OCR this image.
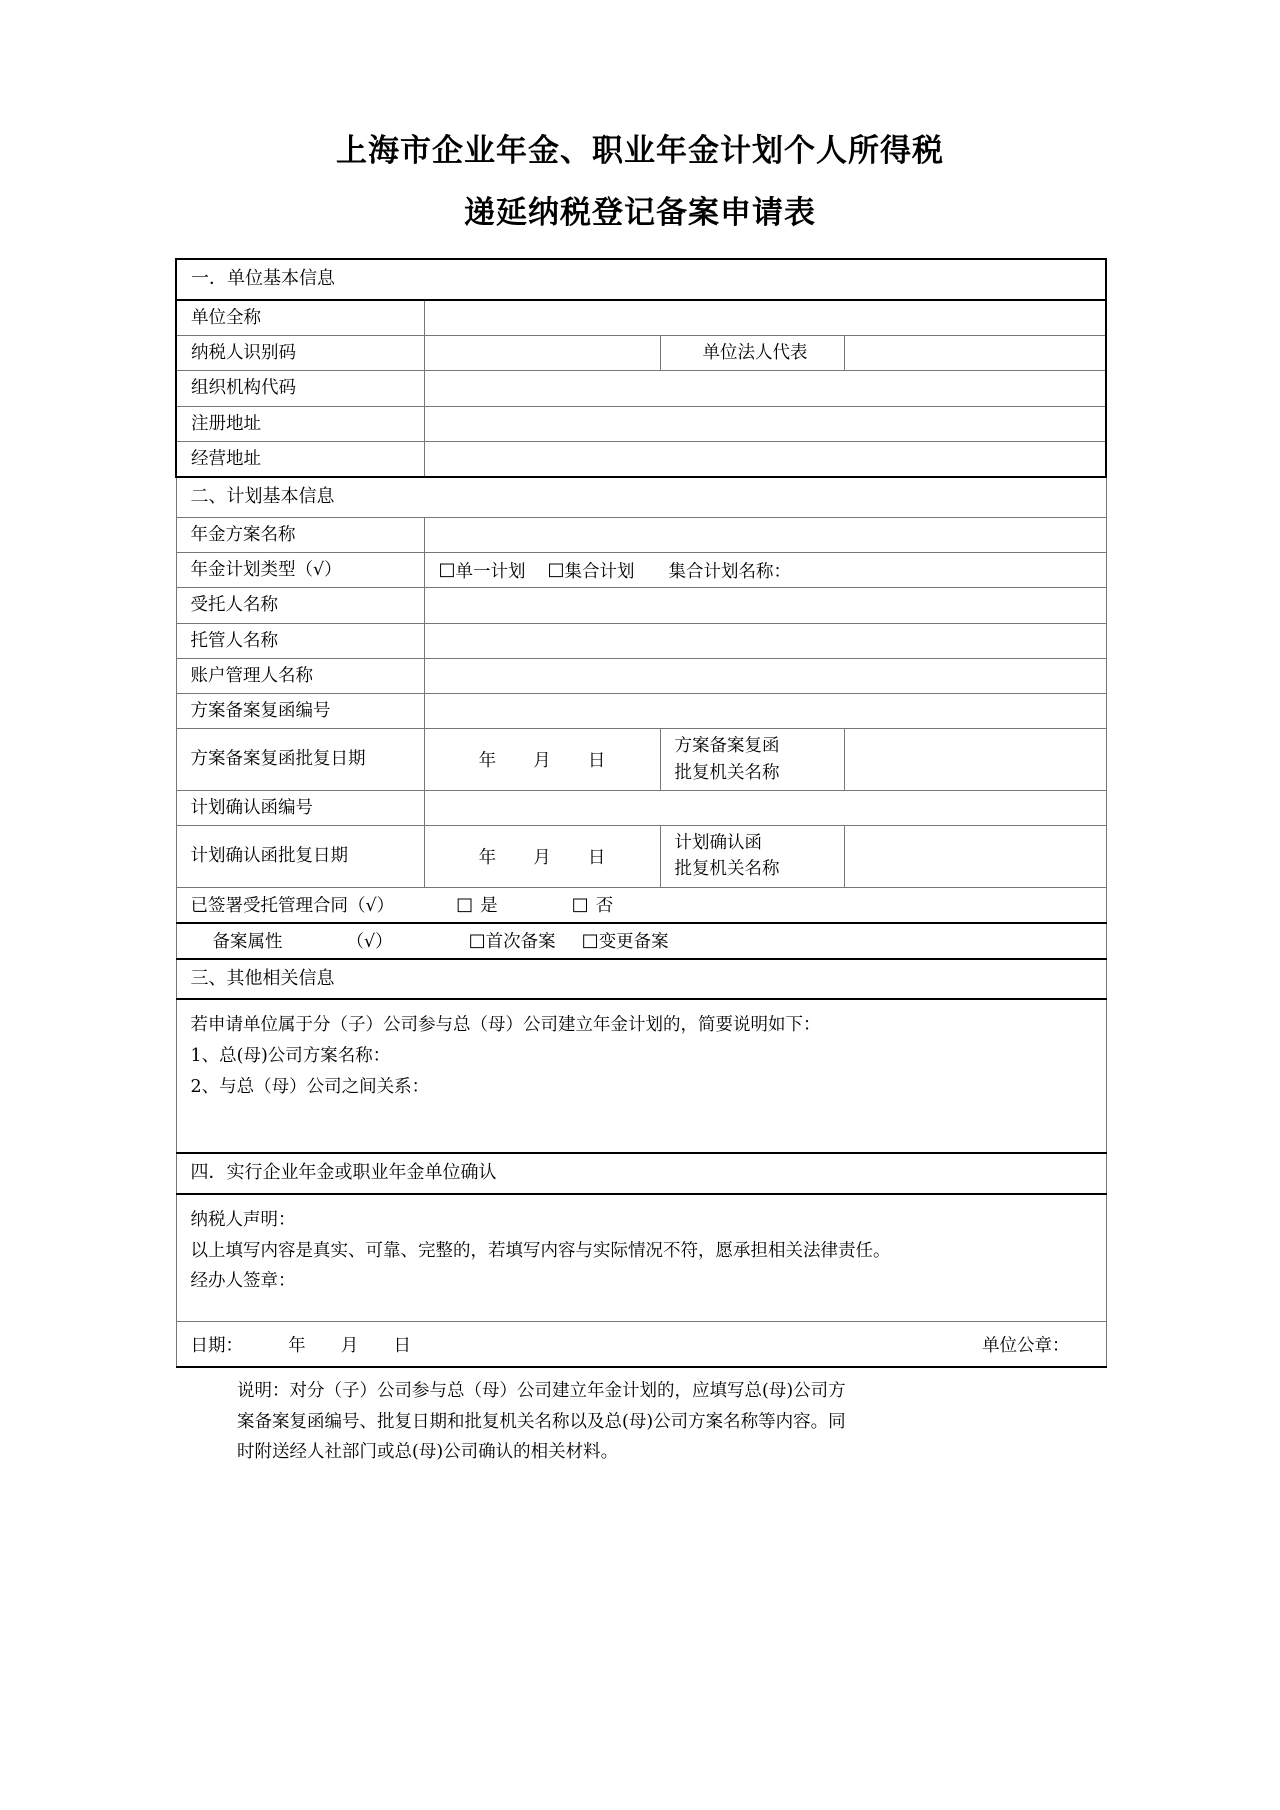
上海市企业年金、职业年金计划个人所得税
递延纳税登记备案申请表
一．单位基本信息			

单位全称			

纳税人识别码		单位法人代表	

组织机构代码			

注册地址			

经营地址			

二、计划基本信息			

年金方案名称			

年金计划类型（√）	□ 单一计划 □ 集合计划 集合计划名称：		

受托人名称			

托管人名称			

账户管理人名称			

方案备案复函编号			

方案备案复函批复日期	年 月 日	方案备案复函
批复机关名称	

计划确认函编号			

计划确认函批复日期	年 月 日	计划确认函
批复机关名称	

已签署受托管理合同（√） □ 是 □ 否			

备案属性	（√）	□ 首次备案 □ 变更备案

三、其他相关信息			

若申请单位属于分（子）公司参与总（母）公司建立年金计划的，简要说明如下：
1、总(母)公司方案名称：
2、与总（母）公司之间关系：			

四．实行企业年金或职业年金单位确认			

纳税人声明：
以上填写内容是真实、可靠、完整的，若填写内容与实际情况不符，愿承担相关法律责任。
经办人签章：			

日期： 年 月 日 单位公章：			
说明：对分（子）公司参与总（母）公司建立年金计划的，应填写总(母)公司方
案备案复函编号、批复日期和批复机关名称以及总(母)公司方案名称等内容。同
时附送经人社部门或总(母)公司确认的相关材料。
